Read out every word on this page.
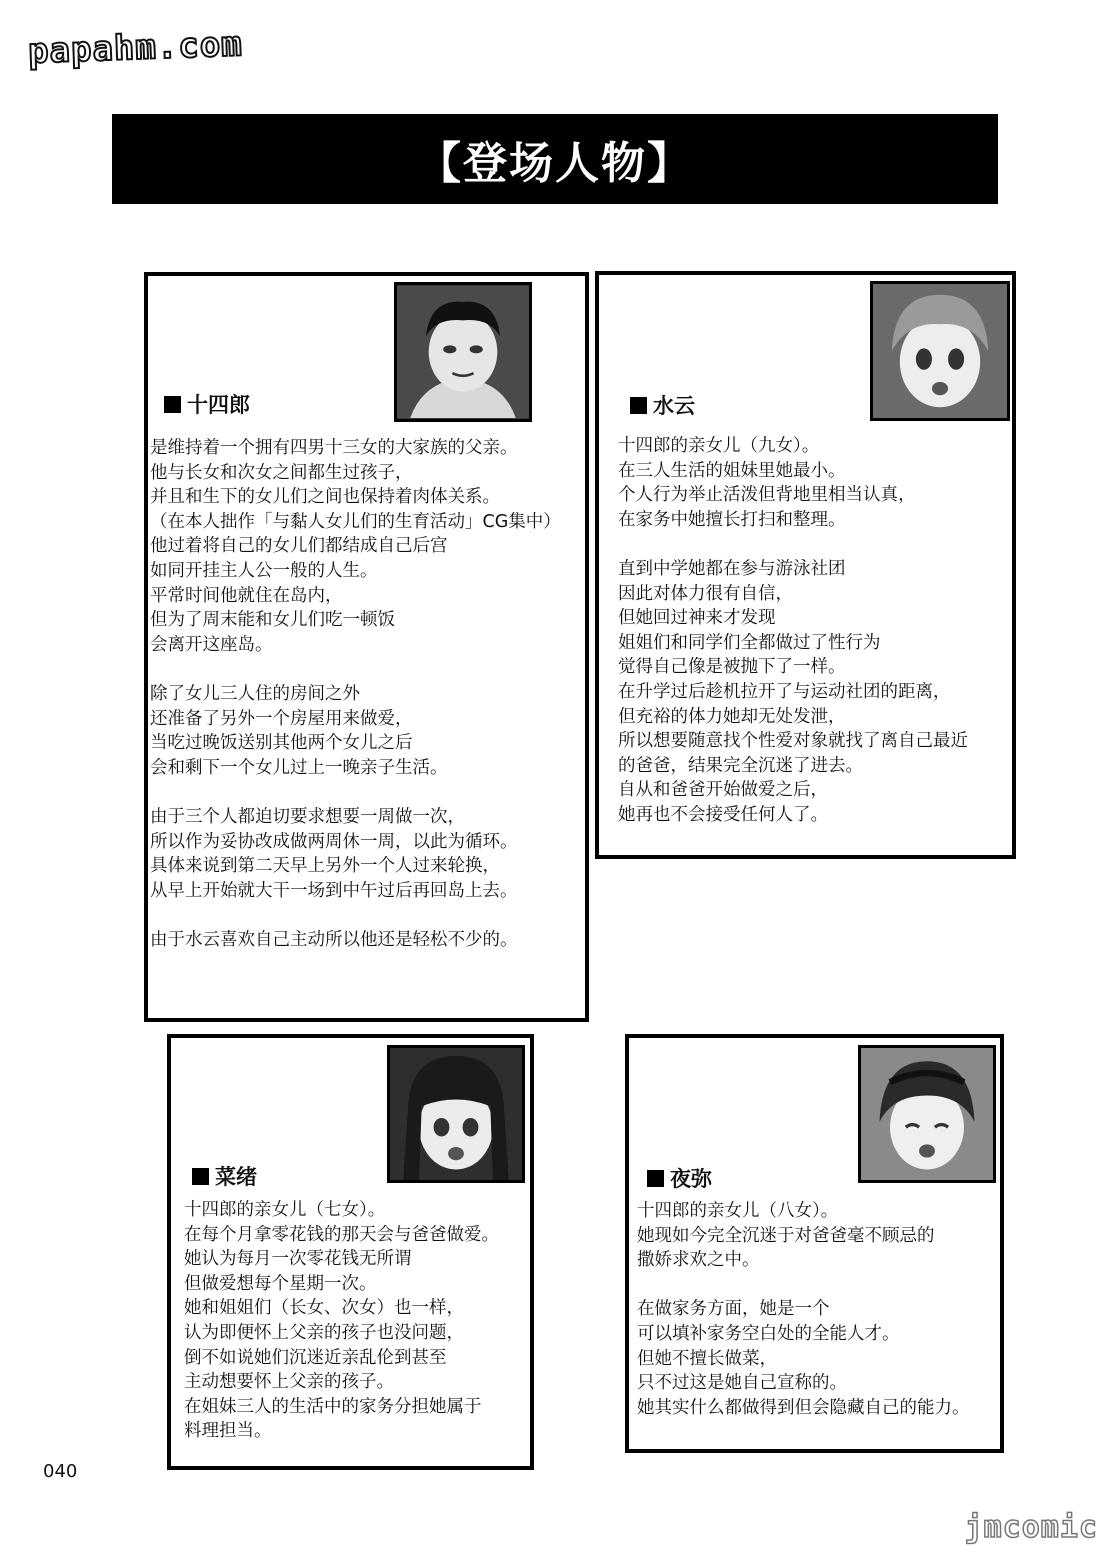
papahm.com
【登场人物】
十四郎
是维持着一个拥有四男十三女的大家族的父亲。
他与长女和次女之间都生过孩子，
并且和生下的女儿们之间也保持着肉体关系。
（在本人拙作「与黏人女儿们的生育活动」CG集中）
他过着将自己的女儿们都结成自己后宫
如同开挂主人公一般的人生。
平常时间他就住在岛内，
但为了周末能和女儿们吃一顿饭
会离开这座岛。

除了女儿三人住的房间之外
还准备了另外一个房屋用来做爱，
当吃过晚饭送别其他两个女儿之后
会和剩下一个女儿过上一晚亲子生活。

由于三个人都迫切要求想要一周做一次，
所以作为妥协改成做两周休一周，以此为循环。
具体来说到第二天早上另外一个人过来轮换，
从早上开始就大干一场到中午过后再回岛上去。

由于水云喜欢自己主动所以他还是轻松不少的。
水云
十四郎的亲女儿（九女）。
在三人生活的姐妹里她最小。
个人行为举止活泼但背地里相当认真，
在家务中她擅长打扫和整理。

直到中学她都在参与游泳社团
因此对体力很有自信，
但她回过神来才发现
姐姐们和同学们全都做过了性行为
觉得自己像是被抛下了一样。
在升学过后趁机拉开了与运动社团的距离，
但充裕的体力她却无处发泄，
所以想要随意找个性爱对象就找了离自己最近
的爸爸，结果完全沉迷了进去。
自从和爸爸开始做爱之后，
她再也不会接受任何人了。
菜绪
十四郎的亲女儿（七女）。
在每个月拿零花钱的那天会与爸爸做爱。
她认为每月一次零花钱无所谓
但做爱想每个星期一次。
她和姐姐们（长女、次女）也一样，
认为即便怀上父亲的孩子也没问题，
倒不如说她们沉迷近亲乱伦到甚至
主动想要怀上父亲的孩子。
在姐妹三人的生活中的家务分担她属于
料理担当。
夜弥
十四郎的亲女儿（八女）。
她现如今完全沉迷于对爸爸毫不顾忌的
撒娇求欢之中。

在做家务方面，她是一个
可以填补家务空白处的全能人才。
但她不擅长做菜，
只不过这是她自己宣称的。
她其实什么都做得到但会隐藏自己的能力。
040
jmcomic
